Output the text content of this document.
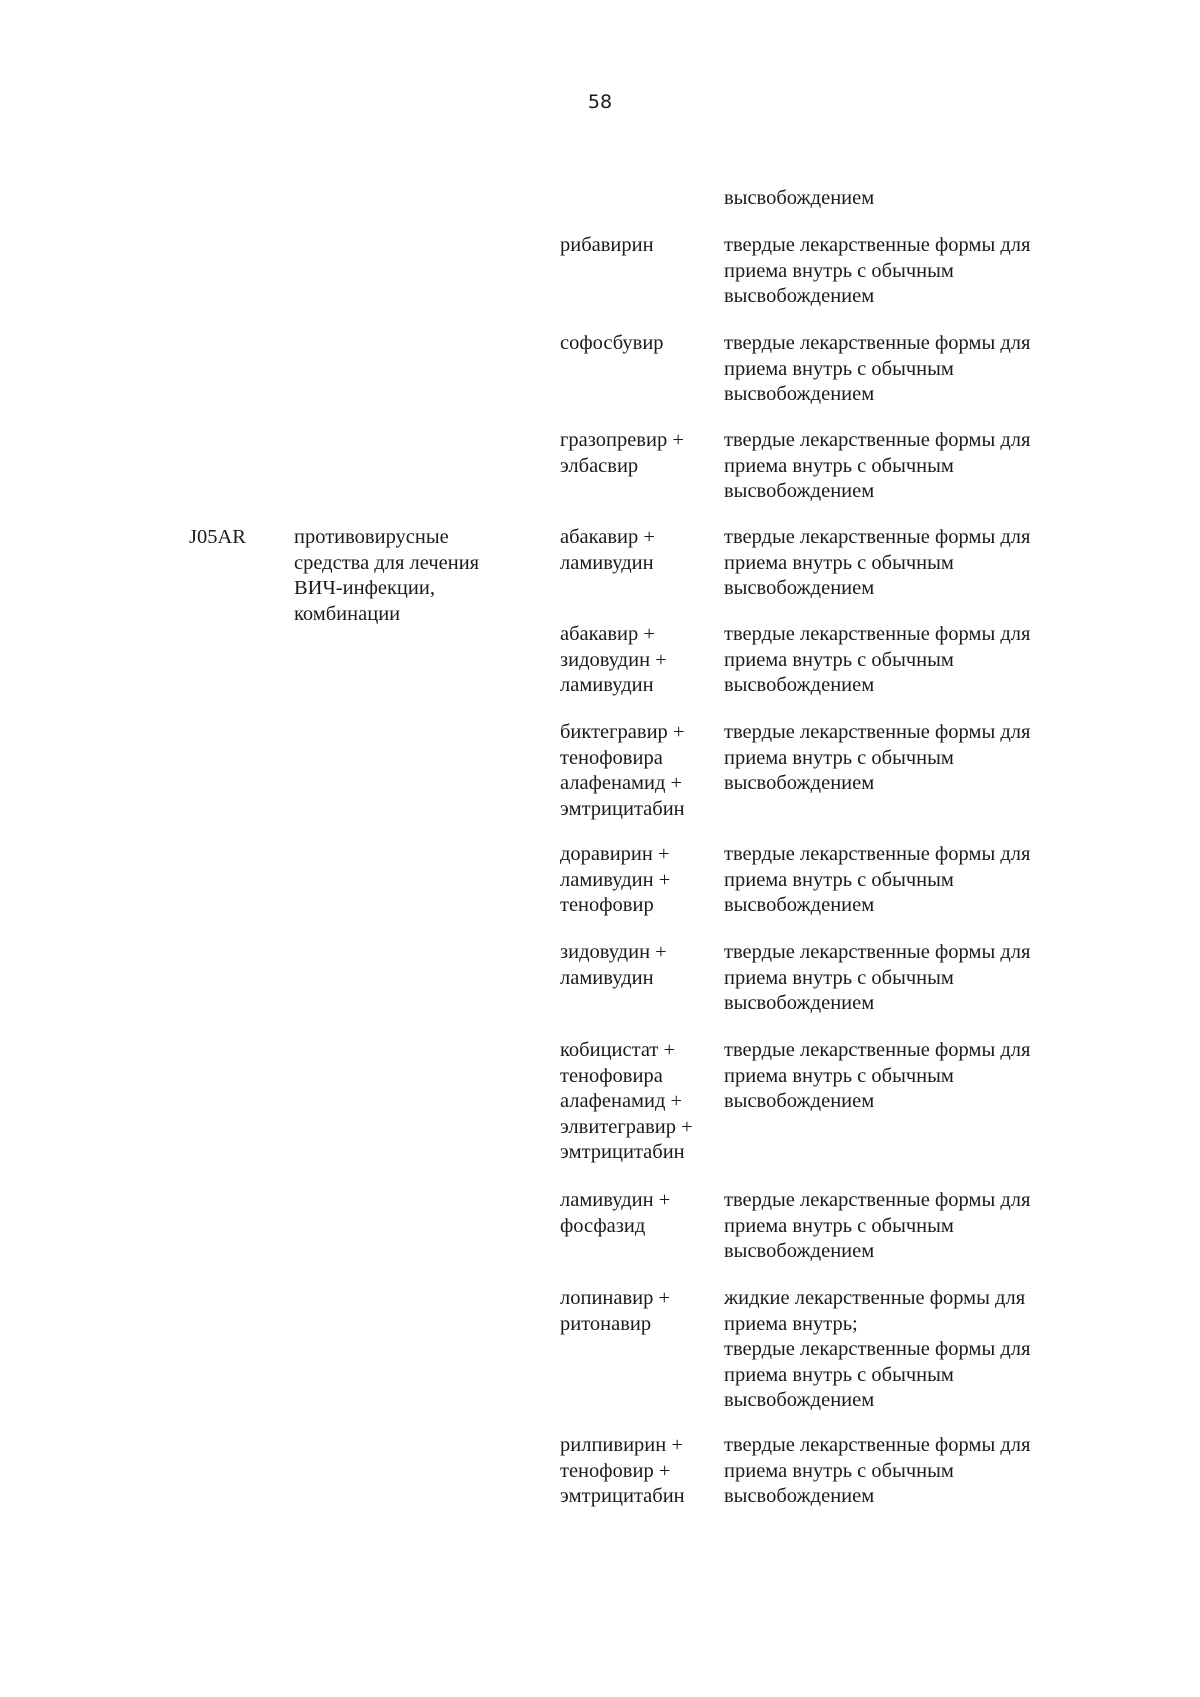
58
высвобождением
J05AR противовирусные
средства для лечения
ВИЧ-инфекции,
комбинации
рибавирин	твердые лекарственные формы для
приема внутрь с обычным
высвобождением
софосбувир	твердые лекарственные формы для
приема внутрь с обычным
высвобождением
гразопревир +
элбасвир
твердые лекарственные формы для
приема внутрь с обычным
высвобождением
абакавир +
ламивудин
твердые лекарственные формы для
приема внутрь с обычным
высвобождением
абакавир +
зидовудин +
ламивудин
твердые лекарственные формы для
приема внутрь с обычным
высвобождением
биктегравир +
тенофовира
алафенамид +
эмтрицитабин
твердые лекарственные формы для
приема внутрь с обычным
высвобождением
доравирин +
ламивудин +
тенофовир
твердые лекарственные формы для
приема внутрь с обычным
высвобождением
зидовудин +
ламивудин
твердые лекарственные формы для
приема внутрь с обычным
высвобождением
кобицистат +
тенофовира
алафенамид +
элвитегравир +
эмтрицитабин
твердые лекарственные формы для
приема внутрь с обычным
высвобождением
ламивудин +
фосфазид
твердые лекарственные формы для
приема внутрь с обычным
высвобождением
лопинавир +
ритонавир
жидкие лекарственные формы для
приема внутрь;
твердые лекарственные формы для
приема внутрь с обычным
высвобождением
рилпивирин +
тенофовир +
эмтрицитабин
твердые лекарственные формы для
приема внутрь с обычным
высвобождением
